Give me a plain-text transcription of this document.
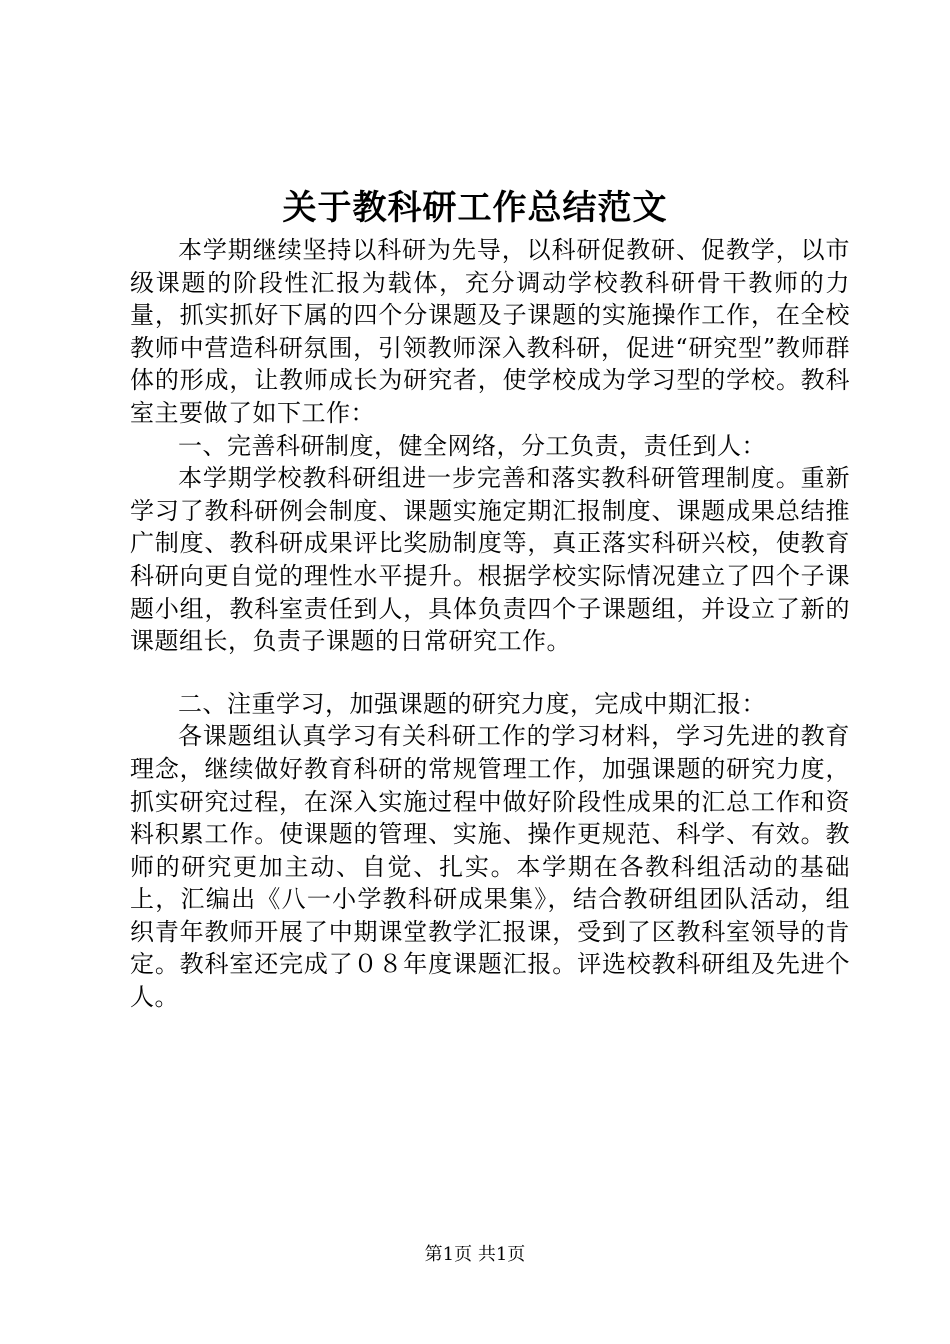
关于教科研工作总结范文

本学期继续坚持以科研为先导，以科研促教研、促教学，以市级课题的阶段性汇报为载体，充分调动学校教科研骨干教师的力量，抓实抓好下属的四个分课题及子课题的实施操作工作，在全校教师中营造科研氛围，引领教师深入教科研，促进“研究型”教师群体的形成，让教师成长为研究者，使学校成为学习型的学校。教科室主要做了如下工作：

一、完善科研制度，健全网络，分工负责，责任到人：

本学期学校教科研组进一步完善和落实教科研管理制度。重新学习了教科研例会制度、课题实施定期汇报制度、课题成果总结推广制度、教科研成果评比奖励制度等，真正落实科研兴校，使教育科研向更自觉的理性水平提升。根据学校实际情况建立了四个子课题小组，教科室责任到人，具体负责四个子课题组，并设立了新的课题组长，负责子课题的日常研究工作。

二、注重学习，加强课题的研究力度，完成中期汇报：

各课题组认真学习有关科研工作的学习材料，学习先进的教育理念，继续做好教育科研的常规管理工作，加强课题的研究力度，抓实研究过程，在深入实施过程中做好阶段性成果的汇总工作和资料积累工作。使课题的管理、实施、操作更规范、科学、有效。教师的研究更加主动、自觉、扎实。本学期在各教科组活动的基础上，汇编出《八一小学教科研成果集》，结合教研组团队活动，组织青年教师开展了中期课堂教学汇报课，受到了区教科室领导的肯定。教科室还完成了０８年度课题汇报。评选校教科研组及先进个人。

第1页 共1页
